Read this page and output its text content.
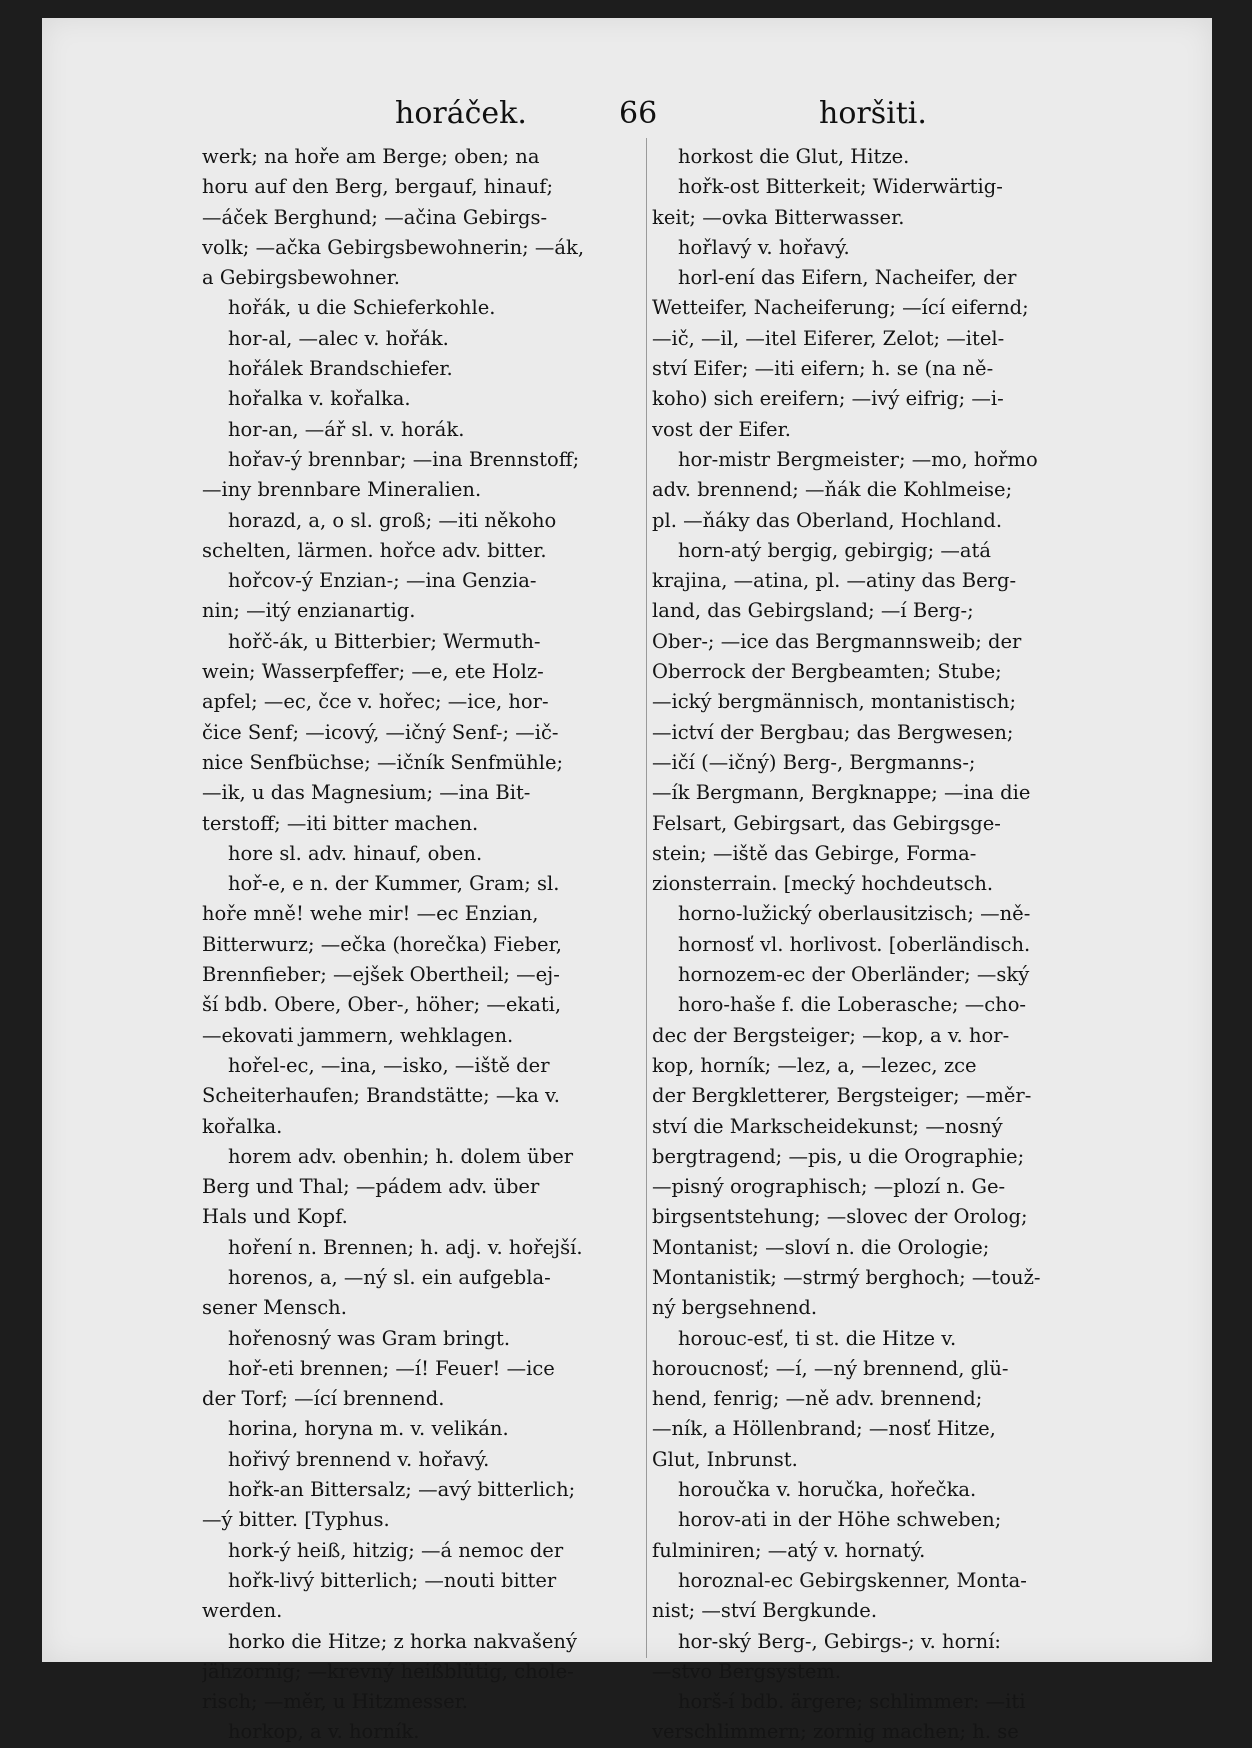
horáček.	66	horšiti.
werk; na hoře am Berge; oben; na
horu auf den Berg, bergauf, hinauf;
—áček Berghund; —ačina Gebirgs-
volk; —ačka Gebirgsbewohnerin; —ák,
a Gebirgsbewohner.
hořák, u die Schieferkohle.
hor-al, —alec v. hořák.
hořálek Brandschiefer.
hořalka v. kořalka.
hor-an, —ář sl. v. horák.
hořav-ý brennbar; —ina Brennstoff;
—iny brennbare Mineralien.
horazd, a, o sl. groß; —iti někoho
schelten, lärmen. hořce adv. bitter.
hořcov-ý Enzian-; —ina Genzia-
nin; —itý enzianartig.
hořč-ák, u Bitterbier; Wermuth-
wein; Wasserpfeffer; —e, ete Holz-
apfel; —ec, čce v. hořec; —ice, hor-
čice Senf; —icový, —ičný Senf-; —ič-
nice Senfbüchse; —ičník Senfmühle;
—ik, u das Magnesium; —ina Bit-
terstoff; —iti bitter machen.
hore sl. adv. hinauf, oben.
hoř-e, e n. der Kummer, Gram; sl.
hoře mně! wehe mir! —ec Enzian,
Bitterwurz; —ečka (horečka) Fieber,
Brennfieber; —ejšek Obertheil; —ej-
ší bdb. Obere, Ober-, höher; —ekati,
—ekovati jammern, wehklagen.
hořel-ec, —ina, —isko, —iště der
Scheiterhaufen; Brandstätte; —ka v.
kořalka.
horem adv. obenhin; h. dolem über
Berg und Thal; —pádem adv. über
Hals und Kopf.
hoření n. Brennen; h. adj. v. hořejší.
horenos, a, —ný sl. ein aufgebla-
sener Mensch.
hořenosný was Gram bringt.
hoř-eti brennen; —í! Feuer! —ice
der Torf; —ící brennend.
horina, horyna m. v. velikán.
hořivý brennend v. hořavý.
hořk-an Bittersalz; —avý bitterlich;
—ý bitter. [Typhus.
hork-ý heiß, hitzig; —á nemoc der
hořk-livý bitterlich; —nouti bitter
werden.
horko die Hitze; z horka nakvašený
jähzornig; —krevný heißblütig, chole-
risch; —měr, u Hitzmesser.
horkop, a v. horník.
horkost die Glut, Hitze.
hořk-ost Bitterkeit; Widerwärtig-
keit; —ovka Bitterwasser.
hořlavý v. hořavý.
horl-ení das Eifern, Nacheifer, der
Wetteifer, Nacheiferung; —ící eifernd;
—ič, —il, —itel Eiferer, Zelot; —itel-
ství Eifer; —iti eifern; h. se (na ně-
koho) sich ereifern; —ivý eifrig; —i-
vost der Eifer.
hor-mistr Bergmeister; —mo, hořmo
adv. brennend; —ňák die Kohlmeise;
pl. —ňáky das Oberland, Hochland.
horn-atý bergig, gebirgig; —atá
krajina, —atina, pl. —atiny das Berg-
land, das Gebirgsland; —í Berg-;
Ober-; —ice das Bergmannsweib; der
Oberrock der Bergbeamten; Stube;
—ický bergmännisch, montanistisch;
—ictví der Bergbau; das Bergwesen;
—ičí (—ičný) Berg-, Bergmanns-;
—ík Bergmann, Bergknappe; —ina die
Felsart, Gebirgsart, das Gebirgsge-
stein; —iště das Gebirge, Forma-
zionsterrain. [mecký hochdeutsch.
horno-lužický oberlausitzisch; —ně-
hornosť vl. horlivost. [oberländisch.
hornozem-ec der Oberländer; —ský
horo-haše f. die Loberasche; —cho-
dec der Bergsteiger; —kop, a v. hor-
kop, horník; —lez, a, —lezec, zce
der Bergkletterer, Bergsteiger; —měr-
ství die Markscheidekunst; —nosný
bergtragend; —pis, u die Orographie;
—pisný orographisch; —plozí n. Ge-
birgsentstehung; —slovec der Orolog;
Montanist; —sloví n. die Orologie;
Montanistik; —strmý berghoch; —touž-
ný bergsehnend.
horouc-esť, ti st. die Hitze v.
horoucnosť; —í, —ný brennend, glü-
hend, fenrig; —ně adv. brennend;
—ník, a Höllenbrand; —nosť Hitze,
Glut, Inbrunst.
horoučka v. horučka, hořečka.
horov-ati in der Höhe schweben;
fulminiren; —atý v. hornatý.
horoznal-ec Gebirgskenner, Monta-
nist; —ství Bergkunde.
hor-ský Berg-, Gebirgs-; v. horní:
—stvo Bergsystem.
horš-í bdb. ärgere; schlimmer: —iti
verschlimmern; zornig machen; h. se
